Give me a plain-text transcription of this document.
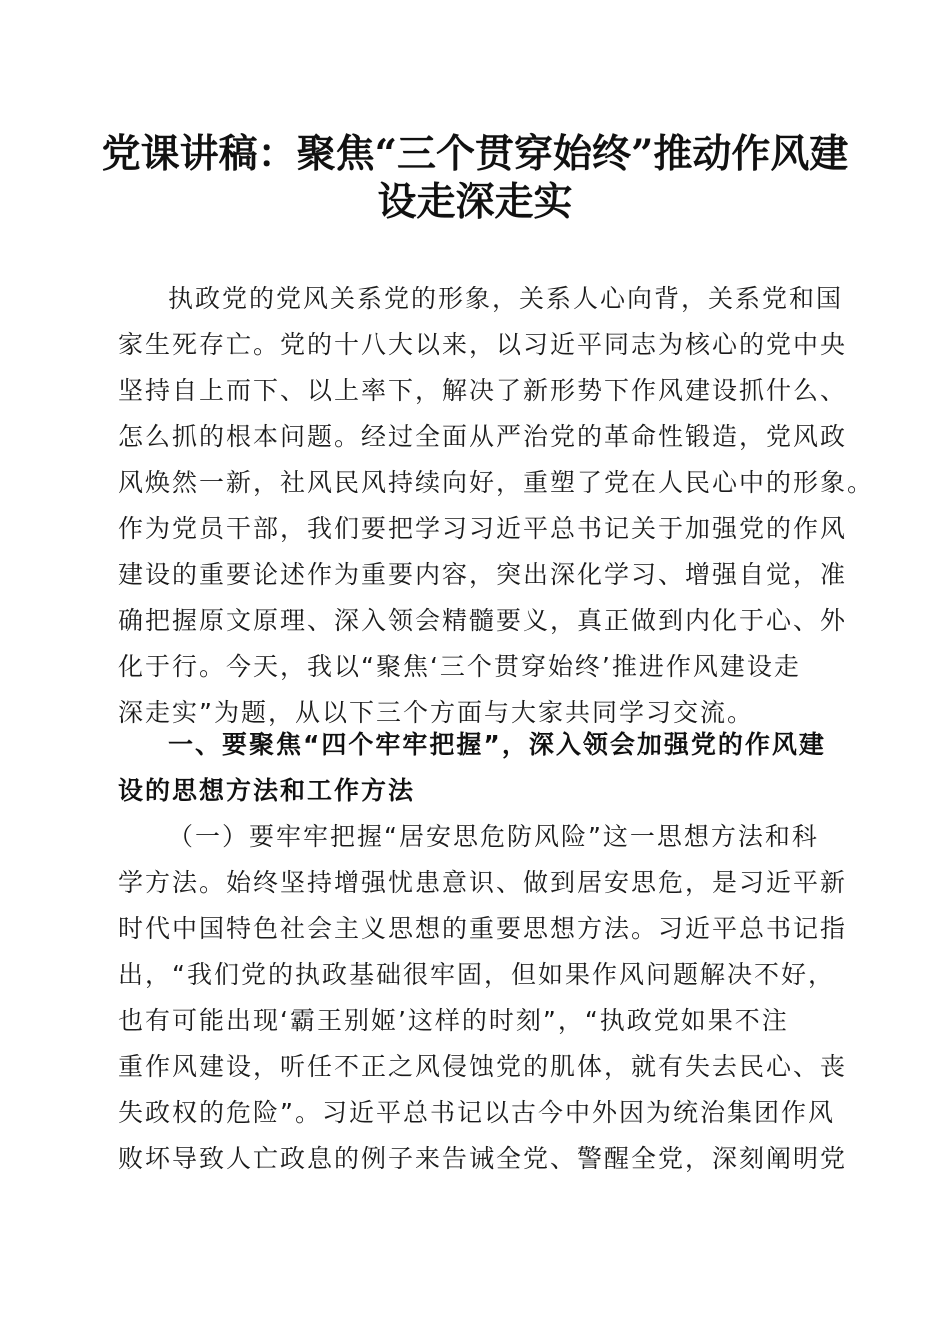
党课讲稿：聚焦“三个贯穿始终”推动作风建
设走深走实
执政党的党风关系党的形象，关系人心向背，关系党和国
家生死存亡。党的十八大以来，以习近平同志为核心的党中央
坚持自上而下、以上率下，解决了新形势下作风建设抓什么、
怎么抓的根本问题。经过全面从严治党的革命性锻造，党风政
风焕然一新，社风民风持续向好，重塑了党在人民心中的形象。
作为党员干部，我们要把学习习近平总书记关于加强党的作风
建设的重要论述作为重要内容，突出深化学习、增强自觉，准
确把握原文原理、深入领会精髓要义，真正做到内化于心、外
化于行。今天，我以“聚焦‘三个贯穿始终’推进作风建设走
深走实”为题，从以下三个方面与大家共同学习交流。
一、要聚焦“四个牢牢把握”，深入领会加强党的作风建
设的思想方法和工作方法
（一）要牢牢把握“居安思危防风险”这一思想方法和科
学方法。始终坚持增强忧患意识、做到居安思危，是习近平新
时代中国特色社会主义思想的重要思想方法。习近平总书记指
出，“我们党的执政基础很牢固，但如果作风问题解决不好，
也有可能出现‘霸王别姬’这样的时刻”，“执政党如果不注
重作风建设，听任不正之风侵蚀党的肌体，就有失去民心、丧
失政权的危险”。习近平总书记以古今中外因为统治集团作风
败坏导致人亡政息的例子来告诫全党、警醒全党，深刻阐明党
